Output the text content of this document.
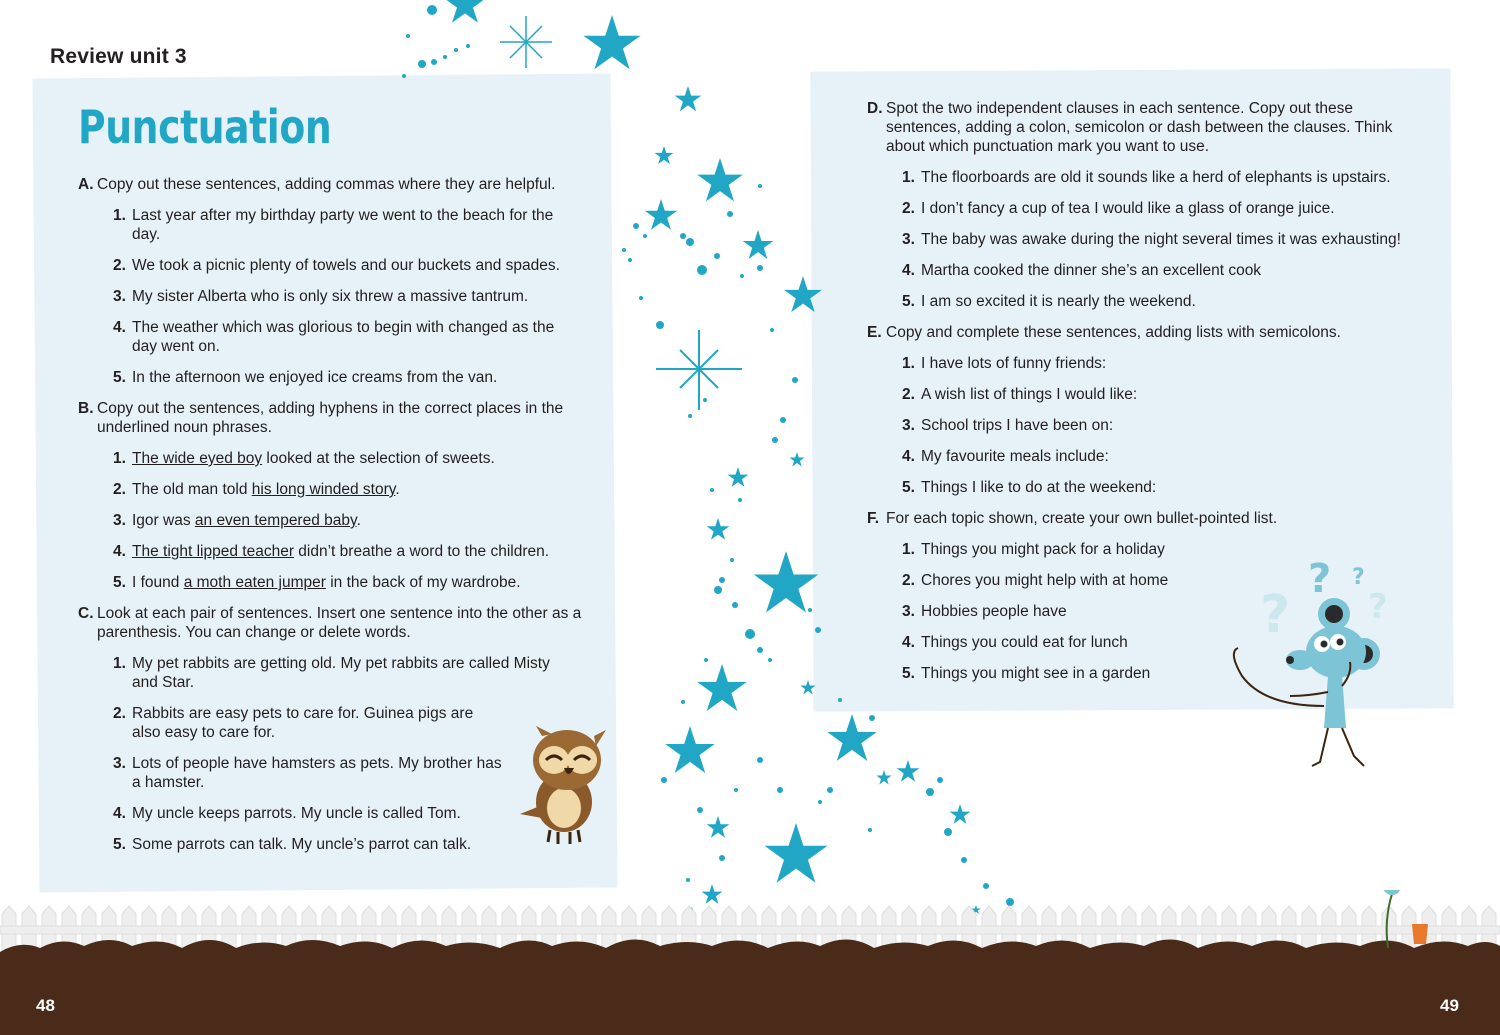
Review unit 3
Punctuation
A. Copy out these sentences, adding commas where they are helpful.
1. Last year after my birthday party we went to the beach for the day.
2. We took a picnic plenty of towels and our buckets and spades.
3. My sister Alberta who is only six threw a massive tantrum.
4. The weather which was glorious to begin with changed as the day went on.
5. In the afternoon we enjoyed ice creams from the van.
B. Copy out the sentences, adding hyphens in the correct places in the underlined noun phrases.
1. The wide eyed boy looked at the selection of sweets.
2. The old man told his long winded story.
3. Igor was an even tempered baby.
4. The tight lipped teacher didn’t breathe a word to the children.
5. I found a moth eaten jumper in the back of my wardrobe.
C. Look at each pair of sentences. Insert one sentence into the other as a parenthesis. You can change or delete words.
1. My pet rabbits are getting old. My pet rabbits are called Misty and Star.
2. Rabbits are easy pets to care for. Guinea pigs are also easy to care for.
3. Lots of people have hamsters as pets. My brother has a hamster.
4. My uncle keeps parrots. My uncle is called Tom.
5. Some parrots can talk. My uncle’s parrot can talk.
D. Spot the two independent clauses in each sentence. Copy out these sentences, adding a colon, semicolon or dash between the clauses. Think about which punctuation mark you want to use.
1. The floorboards are old it sounds like a herd of elephants is upstairs.
2. I don’t fancy a cup of tea I would like a glass of orange juice.
3. The baby was awake during the night several times it was exhausting!
4. Martha cooked the dinner she’s an excellent cook
5. I am so excited it is nearly the weekend.
E. Copy and complete these sentences, adding lists with semicolons.
1. I have lots of funny friends:
2. A wish list of things I would like:
3. School trips I have been on:
4. My favourite meals include:
5. Things I like to do at the weekend:
F. For each topic shown, create your own bullet-pointed list.
1. Things you might pack for a holiday
2. Chores you might help with at home
3. Hobbies people have
4. Things you could eat for lunch
5. Things you might see in a garden
? ?
? ?
48	49
